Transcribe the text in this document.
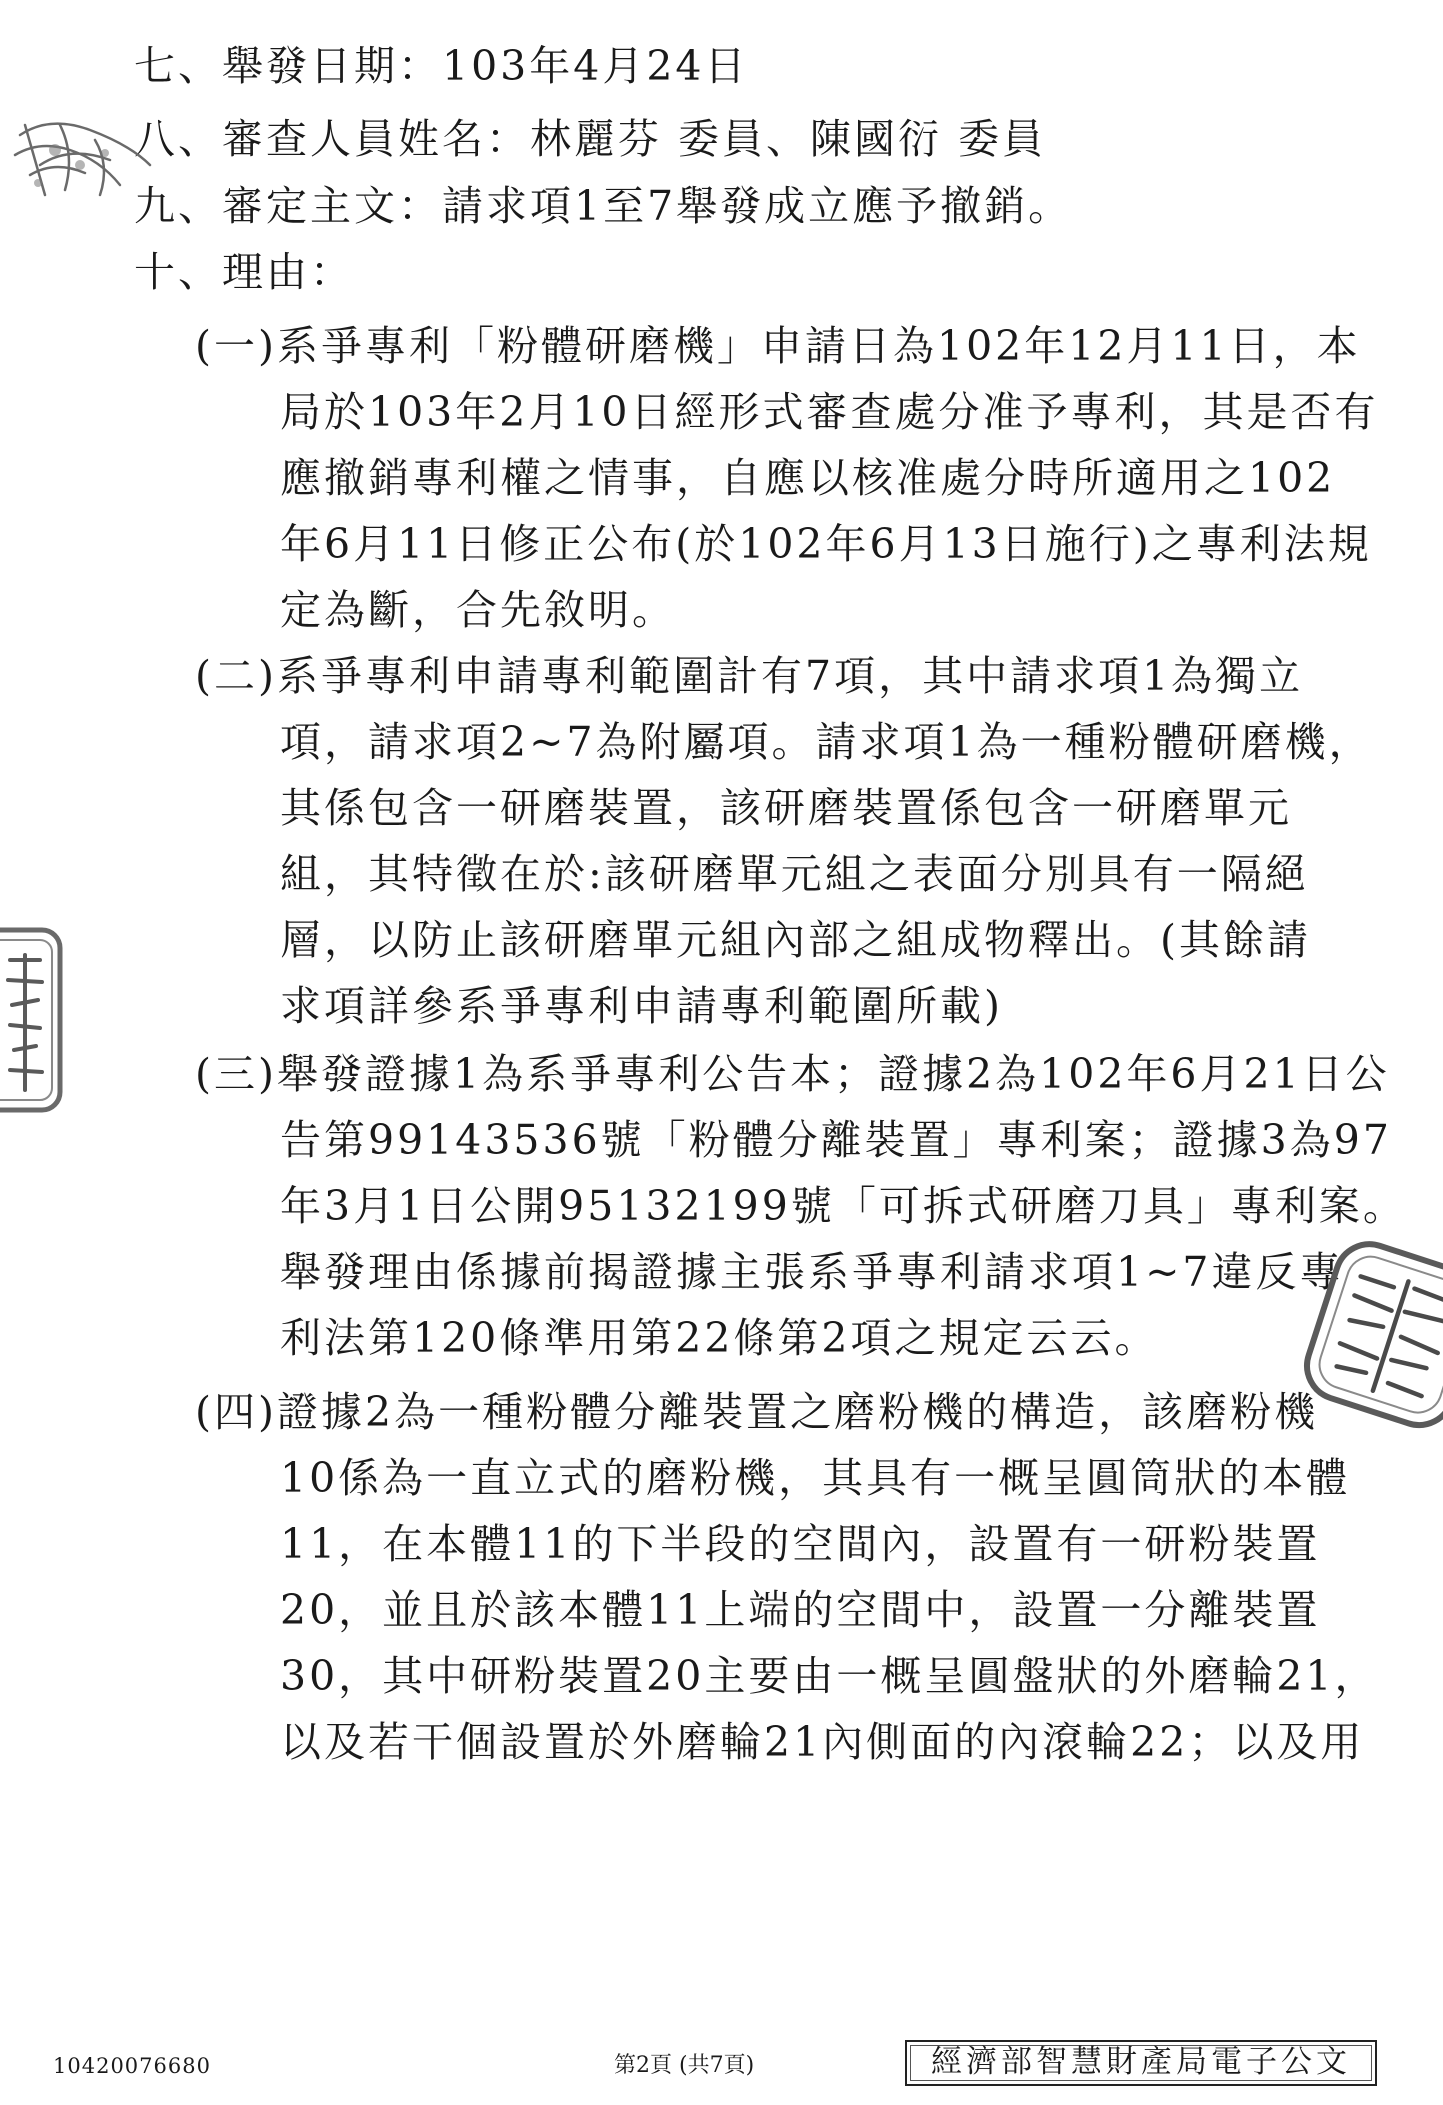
七、舉發日期：103年4月24日
八、審查人員姓名：林麗芬 委員、陳國衍 委員
九、審定主文：請求項1至7舉發成立應予撤銷。
十、理由：
(一)系爭專利「粉體研磨機」申請日為102年12月11日，本
局於103年2月10日經形式審查處分准予專利，其是否有
應撤銷專利權之情事，自應以核准處分時所適用之102
年6月11日修正公布(於102年6月13日施行)之專利法規
定為斷，合先敘明。
(二)系爭專利申請專利範圍計有7項，其中請求項1為獨立
項，請求項2~7為附屬項。請求項1為一種粉體研磨機，
其係包含一研磨裝置，該研磨裝置係包含一研磨單元
組，其特徵在於:該研磨單元組之表面分別具有一隔絕
層，以防止該研磨單元組內部之組成物釋出。(其餘請
求項詳參系爭專利申請專利範圍所載)
(三)舉發證據1為系爭專利公告本；證據2為102年6月21日公
告第99143536號「粉體分離裝置」專利案；證據3為97
年3月1日公開95132199號「可拆式研磨刀具」專利案。
舉發理由係據前揭證據主張系爭專利請求項1~7違反專
利法第120條準用第22條第2項之規定云云。
(四)證據2為一種粉體分離裝置之磨粉機的構造，該磨粉機
10係為一直立式的磨粉機，其具有一概呈圓筒狀的本體
11，在本體11的下半段的空間內，設置有一研粉裝置
20，並且於該本體11上端的空間中，設置一分離裝置
30，其中研粉裝置20主要由一概呈圓盤狀的外磨輪21，
以及若干個設置於外磨輪21內側面的內滾輪22；以及用
10420076680	第2頁 (共7頁)	經濟部智慧財產局電子公文
